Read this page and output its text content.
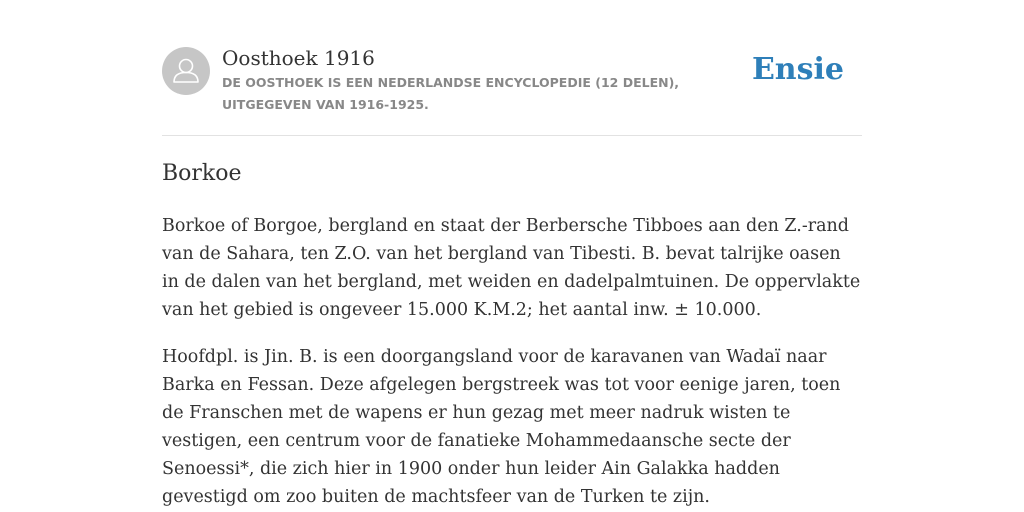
Oosthoek 1916
DE OOSTHOEK IS EEN NEDERLANDSE ENCYCLOPEDIE (12 DELEN), UITGEGEVEN VAN 1916-1925.
Ensie
Borkoe

Borkoe of Borgoe, bergland en staat der Berbersche Tibboes aan den Z.-rand van de Sahara, ten Z.O. van het bergland van Tibesti. B. bevat talrijke oasen in de dalen van het bergland, met weiden en dadelpalmtuinen. De oppervlakte van het gebied is ongeveer 15.000 K.M.2; het aantal inw. ± 10.000.

Hoofdpl. is Jin. B. is een doorgangsland voor de karavanen van Wadaï naar Barka en Fessan. Deze afgelegen bergstreek was tot voor eenige jaren, toen de Franschen met de wapens er hun gezag met meer nadruk wisten te vestigen, een centrum voor de fanatieke Mohammedaansche secte der Senoessi*, die zich hier in 1900 onder hun leider Ain Galakka hadden gevestigd om zoo buiten de machtsfeer van de Turken te zijn.
